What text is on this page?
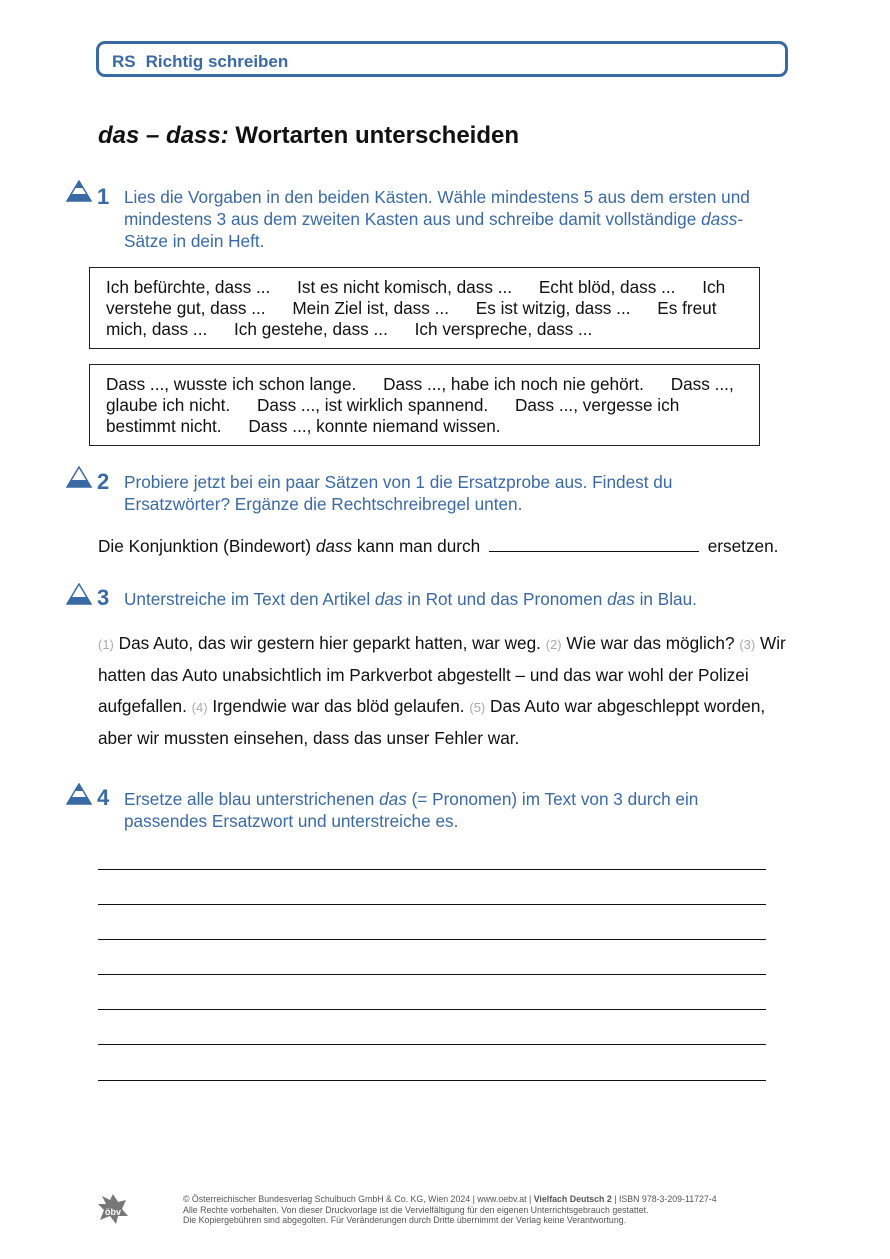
RS Richtig schreiben
das – dass: Wortarten unterscheiden
1 Lies die Vorgaben in den beiden Kästen. Wähle mindestens 5 aus dem ersten und
mindestens 3 aus dem zweiten Kasten aus und schreibe damit vollständige dass-
Sätze in dein Heft.
Ich befürchte, dass ... Ist es nicht komisch, dass ... Echt blöd, dass ... Ich verstehe gut, dass ... Mein Ziel ist, dass ... Es ist witzig, dass ... Es freut mich, dass ... Ich gestehe, dass ... Ich verspreche, dass ...
Dass ..., wusste ich schon lange. Dass ..., habe ich noch nie gehört. Dass ..., glaube ich nicht. Dass ..., ist wirklich spannend. Dass ..., vergesse ich bestimmt nicht. Dass ..., konnte niemand wissen.
2 Probiere jetzt bei ein paar Sätzen von 1 die Ersatzprobe aus. Findest du
Ersatzwörter? Ergänze die Rechtschreibregel unten.
Die Konjunktion (Bindewort) dass kann man durch	ersetzen.
3 Unterstreiche im Text den Artikel das in Rot und das Pronomen das in Blau.
(1) Das Auto, das wir gestern hier geparkt hatten, war weg. (2) Wie war das möglich? (3) Wir hatten das Auto unabsichtlich im Parkverbot abgestellt – und das war wohl der Polizei aufgefallen. (4) Irgendwie war das blöd gelaufen. (5) Das Auto war abgeschleppt worden, aber wir mussten einsehen, dass das unser Fehler war.
4 Ersetze alle blau unterstrichenen das (= Pronomen) im Text von 3 durch ein
passendes Ersatzwort und unterstreiche es.
öbv
© Österreichischer Bundesverlag Schulbuch GmbH & Co. KG, Wien 2024 | www.oebv.at | Vielfach Deutsch 2 | ISBN 978-3-209-11727-4
Alle Rechte vorbehalten. Von dieser Druckvorlage ist die Vervielfältigung für den eigenen Unterrichtsgebrauch gestattet.
Die Kopiergebühren sind abgegolten. Für Veränderungen durch Dritte übernimmt der Verlag keine Verantwortung.
